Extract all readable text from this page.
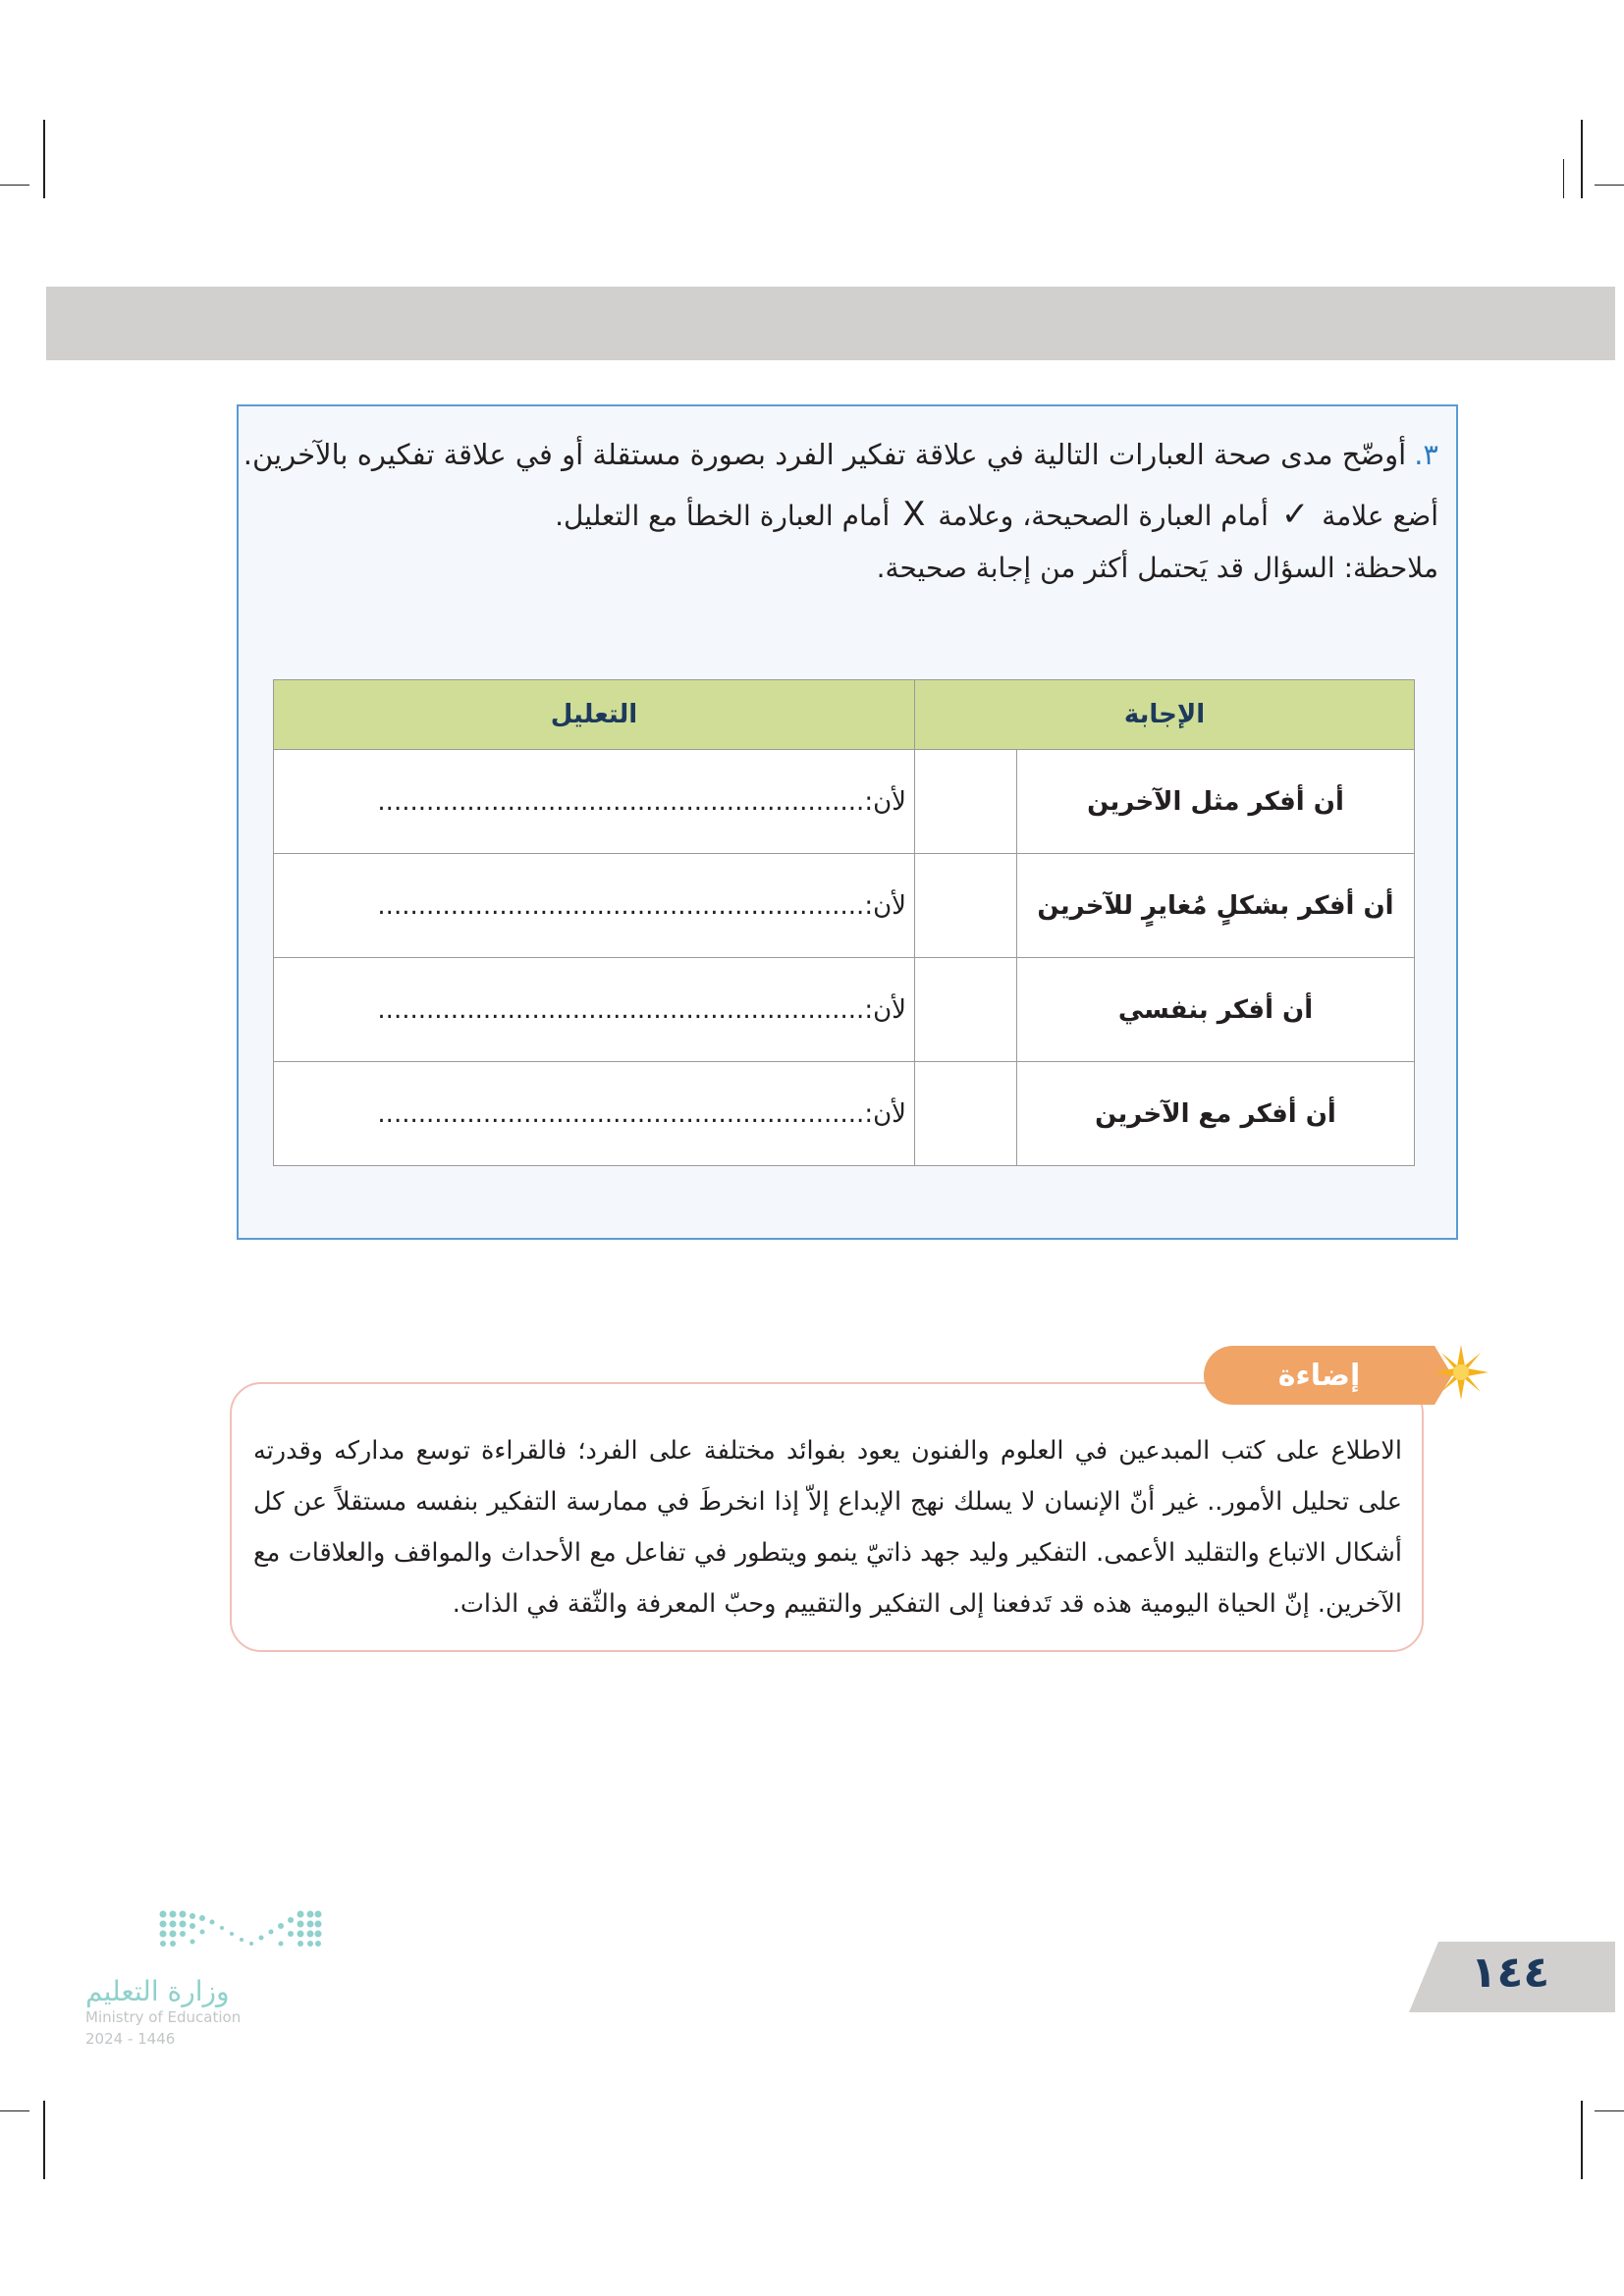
٣.أوضّح مدى صحة العبارات التالية في علاقة تفكير الفرد بصورة مستقلة أو في علاقة تفكيره بالآخرين.
أضع علامة ✓ أمام العبارة الصحيحة، وعلامة X أمام العبارة الخطأ مع التعليل.
ملاحظة: السؤال قد يَحتمل أكثر من إجابة صحيحة.
الإجابة		التعليل
أن أفكر مثل الآخرين		لأن:............................................................
أن أفكر بشكلٍ مُغايرٍ للآخرين		لأن:............................................................
أن أفكر بنفسي		لأن:............................................................
أن أفكر مع الآخرين		لأن:............................................................
إضاءة
الاطلاع على كتب المبدعين في العلوم والفنون يعود بفوائد مختلفة على الفرد؛ فالقراءة توسع مداركه وقدرته على تحليل الأمور.. غير أنّ الإنسان لا يسلك نهج الإبداع إلاّ إذا انخرطَ في ممارسة التفكير بنفسه مستقلاً عن كل أشكال الاتباع والتقليد الأعمى. التفكير وليد جهد ذاتيّ ينمو ويتطور في تفاعل مع الأحداث والمواقف والعلاقات مع الآخرين. إنّ الحياة اليومية هذه قد تَدفعنا إلى التفكير والتقييم وحبّ المعرفة والثّقة في الذات.
وزارة التعليم
Ministry of Education
2024 - 1446
١٤٤
